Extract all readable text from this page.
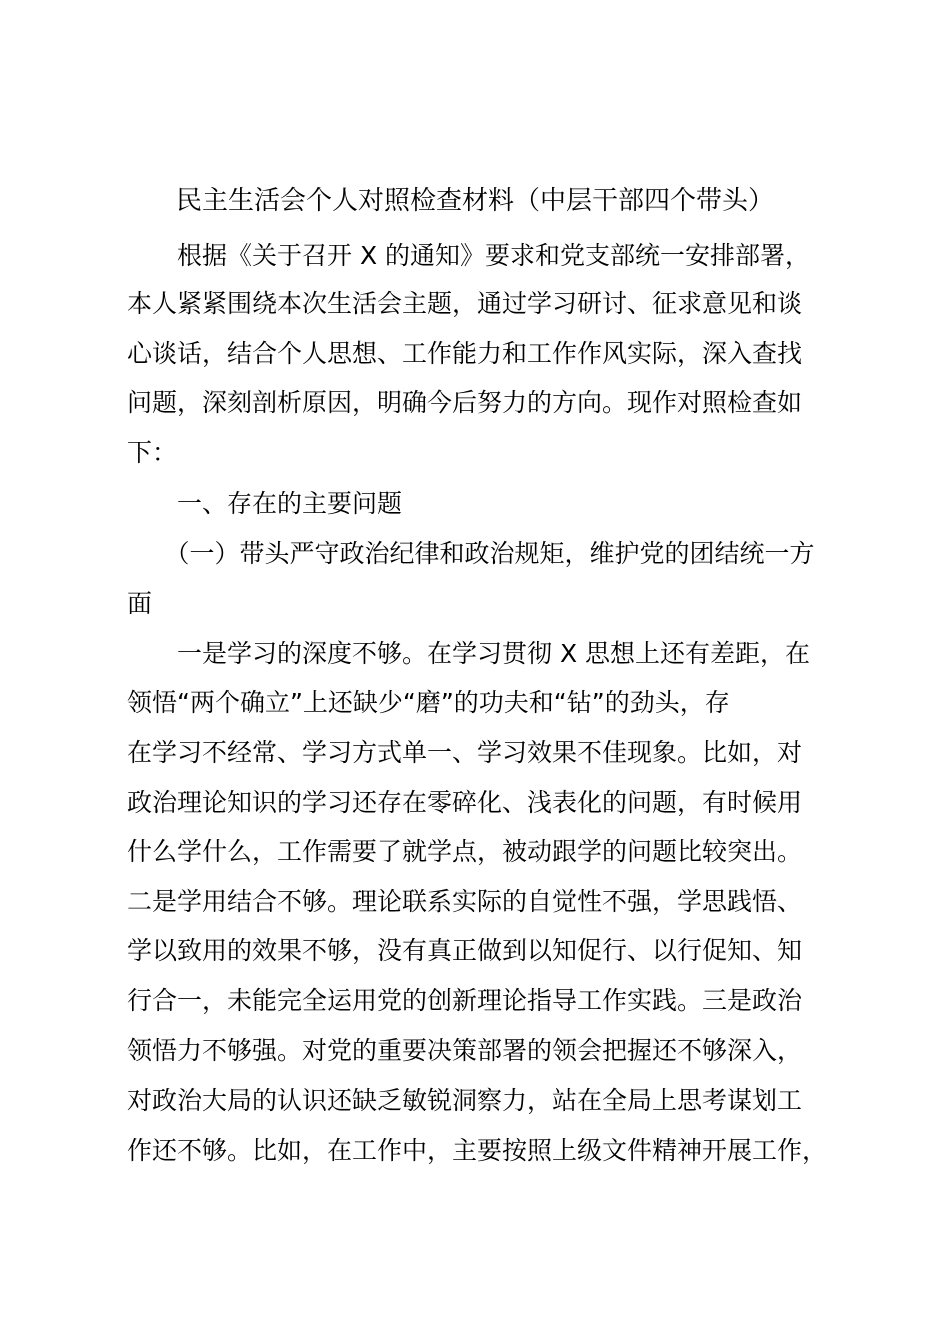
民主生活会个人对照检查材料（中层干部四个带头）
　　根据《关于召开 X 的通知》要求和党支部统一安排部署，
本人紧紧围绕本次生活会主题，通过学习研讨、征求意见和谈
心谈话，结合个人思想、工作能力和工作作风实际，深入查找
问题，深刻剖析原因，明确今后努力的方向。现作对照检查如
下：
　　一、存在的主要问题
　　（一）带头严守政治纪律和政治规矩，维护党的团结统一方
面
　　一是学习的深度不够。在学习贯彻 X 思想上还有差距，在
领悟“两个确立”上还缺少“磨”的功夫和“钻”的劲头，存
在学习不经常、学习方式单一、学习效果不佳现象。比如，对
政治理论知识的学习还存在零碎化、浅表化的问题，有时候用
什么学什么，工作需要了就学点，被动跟学的问题比较突出。
二是学用结合不够。理论联系实际的自觉性不强，学思践悟、
学以致用的效果不够，没有真正做到以知促行、以行促知、知
行合一，未能完全运用党的创新理论指导工作实践。三是政治
领悟力不够强。对党的重要决策部署的领会把握还不够深入，
对政治大局的认识还缺乏敏锐洞察力，站在全局上思考谋划工
作还不够。比如，在工作中，主要按照上级文件精神开展工作，
